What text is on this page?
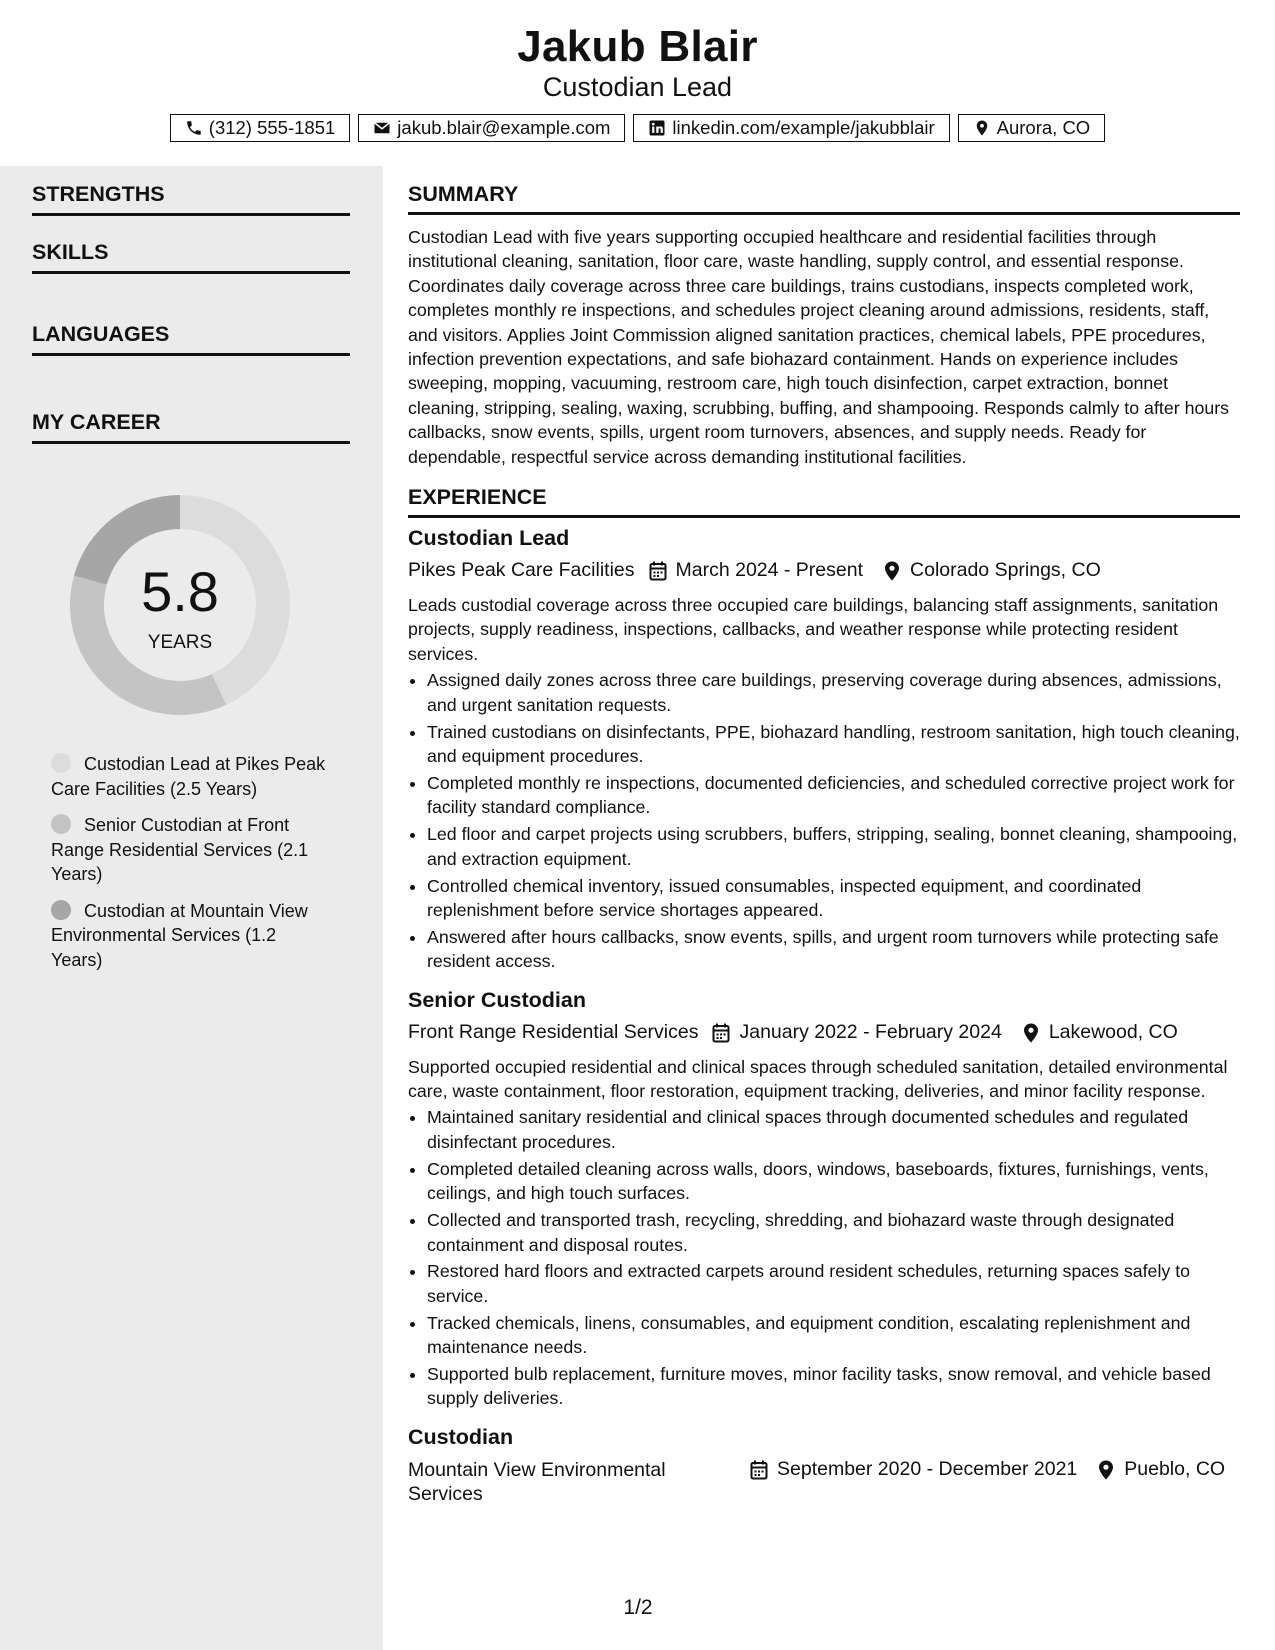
Jakub Blair
Custodian Lead
(312) 555-1851	jakub.blair@example.com	linkedin.com/example/jakubblair	Aurora, CO
STRENGTHS
SKILLS
LANGUAGES
MY CAREER
5.8
YEARS
Custodian Lead at Pikes Peak Care Facilities (2.5 Years)
Senior Custodian at Front Range Residential Services (2.1 Years)
Custodian at Mountain View Environmental Services (1.2 Years)
SUMMARY
Custodian Lead with five years supporting occupied healthcare and residential facilities through institutional cleaning, sanitation, floor care, waste handling, supply control, and essential response. Coordinates daily coverage across three care buildings, trains custodians, inspects completed work, completes monthly re inspections, and schedules project cleaning around admissions, residents, staff, and visitors. Applies Joint Commission aligned sanitation practices, chemical labels, PPE procedures, infection prevention expectations, and safe biohazard containment. Hands on experience includes sweeping, mopping, vacuuming, restroom care, high touch disinfection, carpet extraction, bonnet cleaning, stripping, sealing, waxing, scrubbing, buffing, and shampooing. Responds calmly to after hours callbacks, snow events, spills, urgent room turnovers, absences, and supply needs. Ready for dependable, respectful service across demanding institutional facilities.
EXPERIENCE
Custodian Lead
Pikes Peak Care Facilities March 2024 - Present Colorado Springs, CO
Leads custodial coverage across three occupied care buildings, balancing staff assignments, sanitation projects, supply readiness, inspections, callbacks, and weather response while protecting resident services.
• Assigned daily zones across three care buildings, preserving coverage during absences, admissions, and urgent sanitation requests.
• Trained custodians on disinfectants, PPE, biohazard handling, restroom sanitation, high touch cleaning, and equipment procedures.
• Completed monthly re inspections, documented deficiencies, and scheduled corrective project work for facility standard compliance.
• Led floor and carpet projects using scrubbers, buffers, stripping, sealing, bonnet cleaning, shampooing, and extraction equipment.
• Controlled chemical inventory, issued consumables, inspected equipment, and coordinated replenishment before service shortages appeared.
• Answered after hours callbacks, snow events, spills, and urgent room turnovers while protecting safe resident access.
Senior Custodian
Front Range Residential Services January 2022 - February 2024 Lakewood, CO
Supported occupied residential and clinical spaces through scheduled sanitation, detailed environmental care, waste containment, floor restoration, equipment tracking, deliveries, and minor facility response.
• Maintained sanitary residential and clinical spaces through documented schedules and regulated disinfectant procedures.
• Completed detailed cleaning across walls, doors, windows, baseboards, fixtures, furnishings, vents, ceilings, and high touch surfaces.
• Collected and transported trash, recycling, shredding, and biohazard waste through designated containment and disposal routes.
• Restored hard floors and extracted carpets around resident schedules, returning spaces safely to service.
• Tracked chemicals, linens, consumables, and equipment condition, escalating replenishment and maintenance needs.
• Supported bulb replacement, furniture moves, minor facility tasks, snow removal, and vehicle based supply deliveries.
Custodian
Mountain View Environmental Services
September 2020 - December 2021 Pueblo, CO
1/2
